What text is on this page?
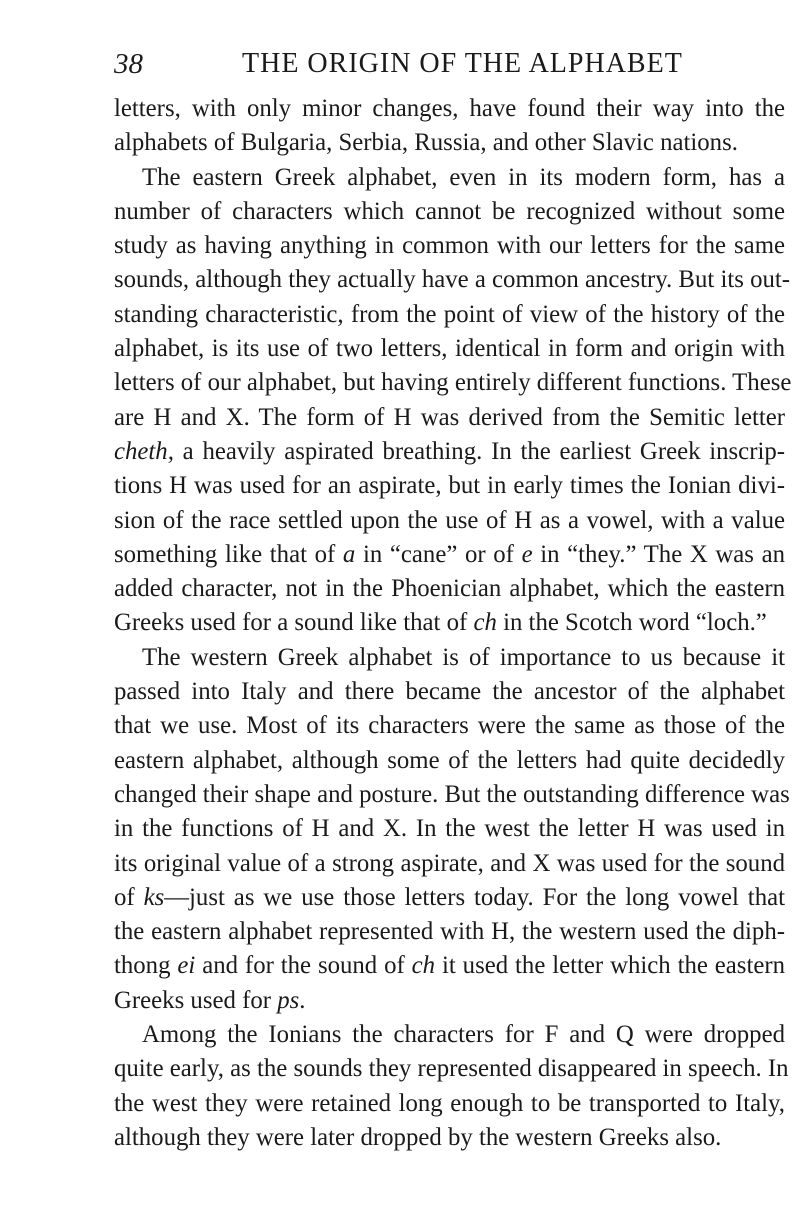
38	THE ORIGIN OF THE ALPHABET
letters, with only minor changes, have found their way into the
alphabets of Bulgaria, Serbia, Russia, and other Slavic nations.
The eastern Greek alphabet, even in its modern form, has a
number of characters which cannot be recognized without some
study as having anything in common with our letters for the same
sounds, although they actually have a common ancestry. But its out-
standing characteristic, from the point of view of the history of the
alphabet, is its use of two letters, identical in form and origin with
letters of our alphabet, but having entirely different functions. These
are H and X. The form of H was derived from the Semitic letter
cheth, a heavily aspirated breathing. In the earliest Greek inscrip-
tions H was used for an aspirate, but in early times the Ionian divi-
sion of the race settled upon the use of H as a vowel, with a value
something like that of a in “cane” or of e in “they.” The X was an
added character, not in the Phoenician alphabet, which the eastern
Greeks used for a sound like that of ch in the Scotch word “loch.”
The western Greek alphabet is of importance to us because it
passed into Italy and there became the ancestor of the alphabet
that we use. Most of its characters were the same as those of the
eastern alphabet, although some of the letters had quite decidedly
changed their shape and posture. But the outstanding difference was
in the functions of H and X. In the west the letter H was used in
its original value of a strong aspirate, and X was used for the sound
of ks—just as we use those letters today. For the long vowel that
the eastern alphabet represented with H, the western used the diph-
thong ei and for the sound of ch it used the letter which the eastern
Greeks used for ps.
Among the Ionians the characters for F and Q were dropped
quite early, as the sounds they represented disappeared in speech. In
the west they were retained long enough to be transported to Italy,
although they were later dropped by the western Greeks also.
